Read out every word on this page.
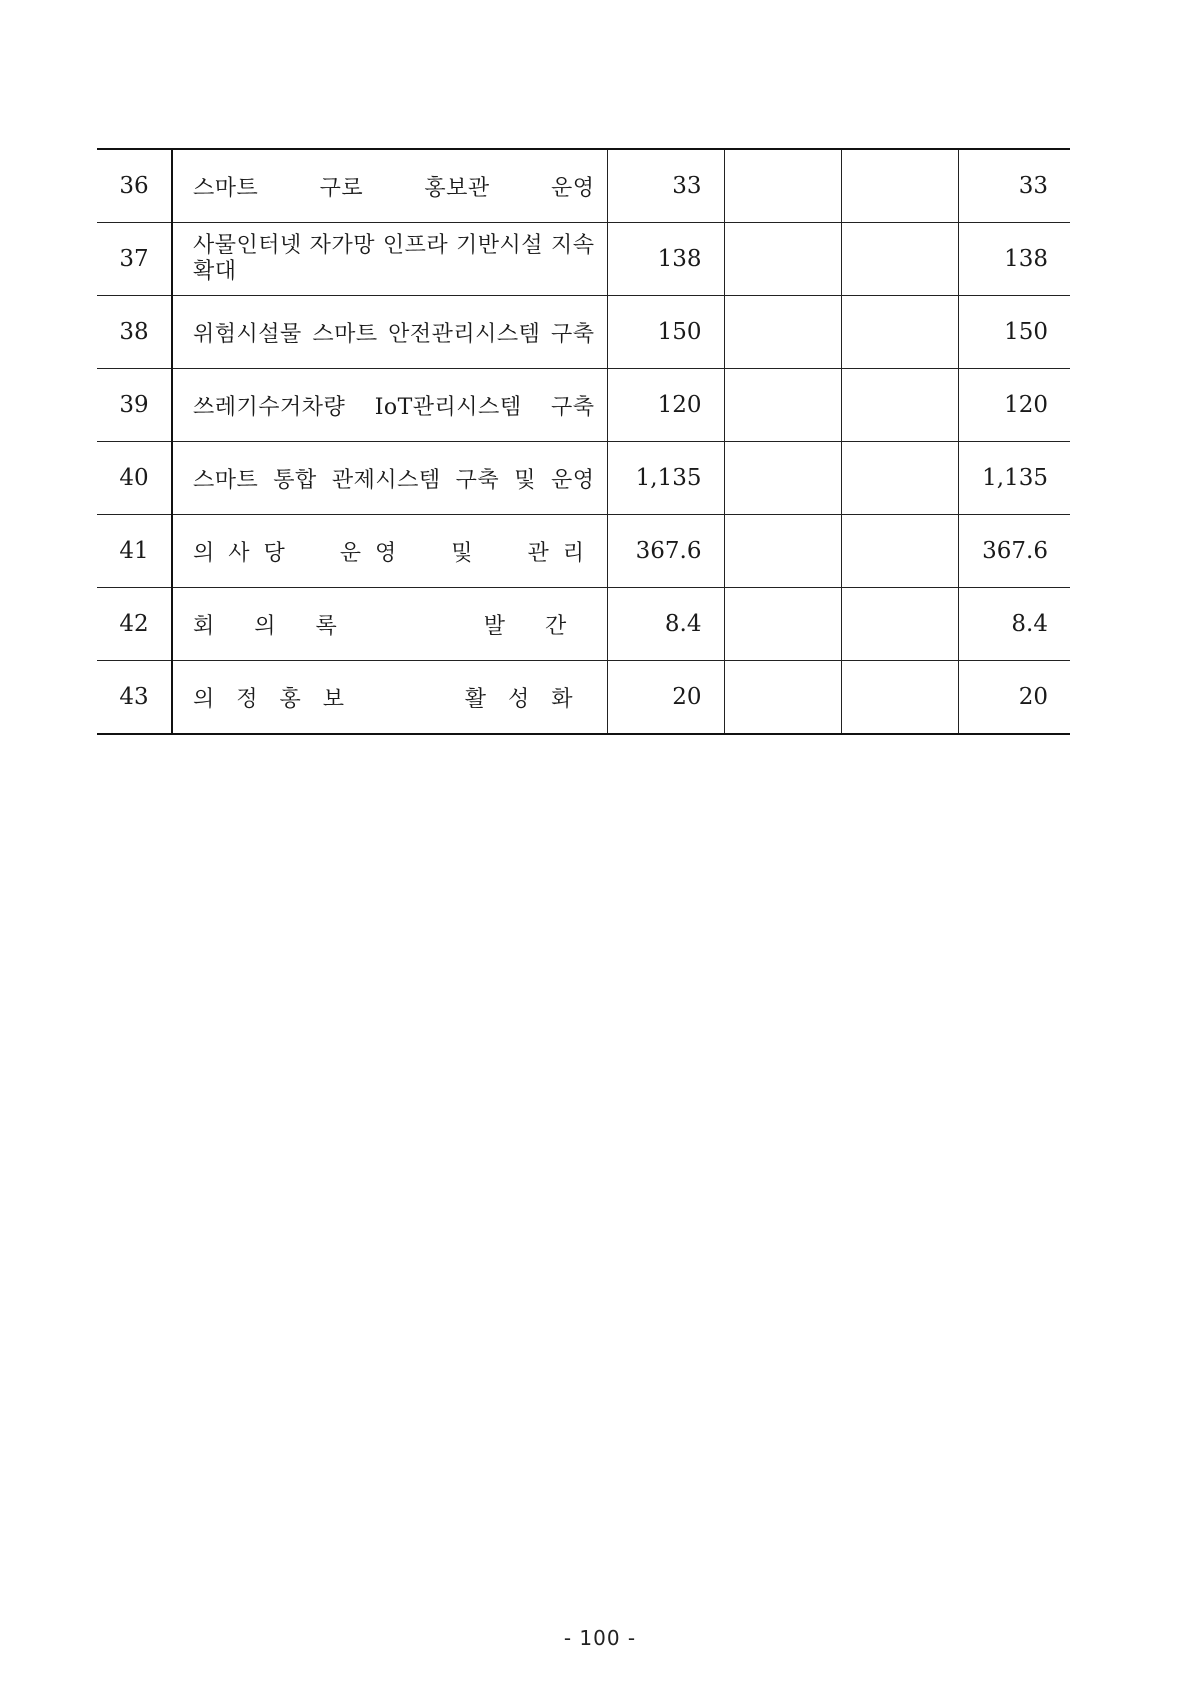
36	스마트 구로 홍보관 운영	33			33
37	사물인터넷 자가망 인프라 기반시설 지속확대	138			138
38	위험시설물 스마트 안전관리시스템 구축	150			150
39	쓰레기수거차량 IoT관리시스템 구축	120			120
40	스마트 통합 관제시스템 구축 및 운영	1,135			1,135
41	의사당 운영 및 관리	367.6			367.6
42	회의록 발간	8.4			8.4
43	의정홍보 활성화	20			20
- 100 -
